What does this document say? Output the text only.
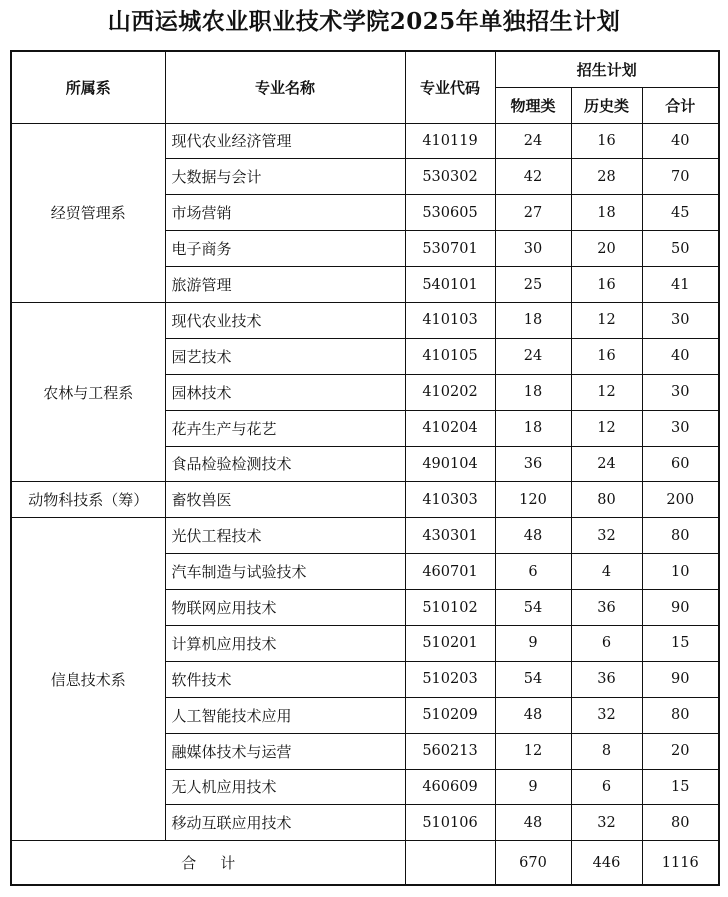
山西运城农业职业技术学院2025年单独招生计划
所属系	专业名称	专业代码	招生计划		
			物理类	历史类	合计
经贸管理系	现代农业经济管理	410119	24	16	40
	大数据与会计	530302	42	28	70
	市场营销	530605	27	18	45
	电子商务	530701	30	20	50
	旅游管理	540101	25	16	41
农林与工程系	现代农业技术	410103	18	12	30
	园艺技术	410105	24	16	40
	园林技术	410202	18	12	30
	花卉生产与花艺	410204	18	12	30
	食品检验检测技术	490104	36	24	60
动物科技系（筹）	畜牧兽医	410303	120	80	200
信息技术系	光伏工程技术	430301	48	32	80
	汽车制造与试验技术	460701	6	4	10
	物联网应用技术	510102	54	36	90
	计算机应用技术	510201	9	6	15
	软件技术	510203	54	36	90
	人工智能技术应用	510209	48	32	80
	融媒体技术与运营	560213	12	8	20
	无人机应用技术	460609	9	6	15
	移动互联应用技术	510106	48	32	80
合计			670	446	1116
